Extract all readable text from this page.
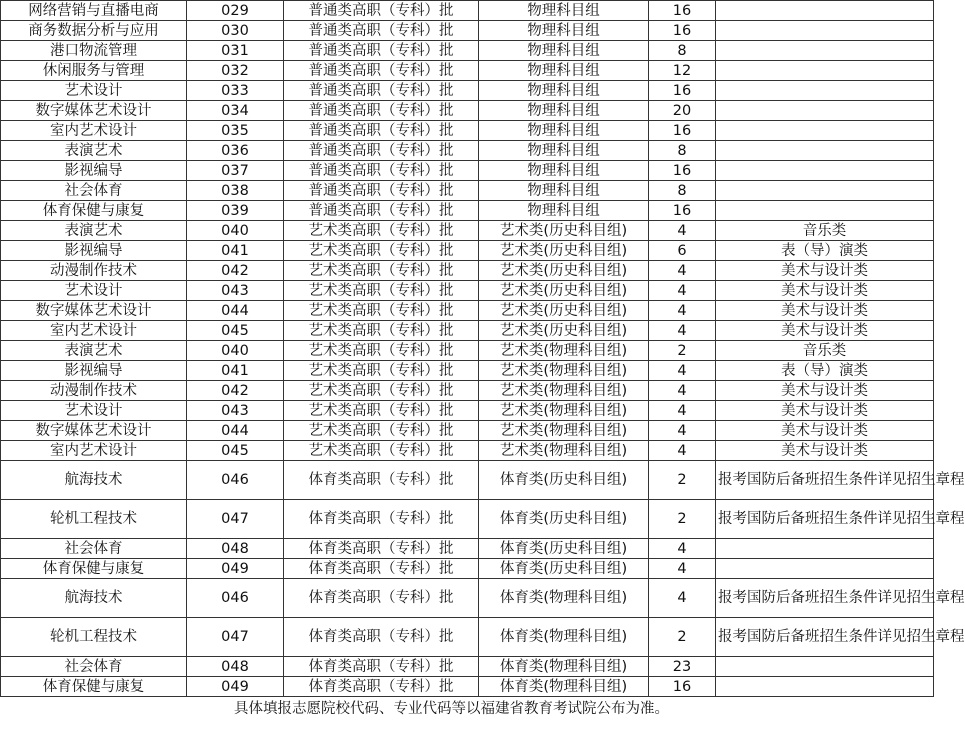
网络营销与直播电商	029	普通类高职（专科）批	物理科目组	16	
商务数据分析与应用	030	普通类高职（专科）批	物理科目组	16	
港口物流管理	031	普通类高职（专科）批	物理科目组	8	
休闲服务与管理	032	普通类高职（专科）批	物理科目组	12	
艺术设计	033	普通类高职（专科）批	物理科目组	16	
数字媒体艺术设计	034	普通类高职（专科）批	物理科目组	20	
室内艺术设计	035	普通类高职（专科）批	物理科目组	16	
表演艺术	036	普通类高职（专科）批	物理科目组	8	
影视编导	037	普通类高职（专科）批	物理科目组	16	
社会体育	038	普通类高职（专科）批	物理科目组	8	
体育保健与康复	039	普通类高职（专科）批	物理科目组	16	
表演艺术	040	艺术类高职（专科）批	艺术类(历史科目组)	4	音乐类
影视编导	041	艺术类高职（专科）批	艺术类(历史科目组)	6	表（导）演类
动漫制作技术	042	艺术类高职（专科）批	艺术类(历史科目组)	4	美术与设计类
艺术设计	043	艺术类高职（专科）批	艺术类(历史科目组)	4	美术与设计类
数字媒体艺术设计	044	艺术类高职（专科）批	艺术类(历史科目组)	4	美术与设计类
室内艺术设计	045	艺术类高职（专科）批	艺术类(历史科目组)	4	美术与设计类
表演艺术	040	艺术类高职（专科）批	艺术类(物理科目组)	2	音乐类
影视编导	041	艺术类高职（专科）批	艺术类(物理科目组)	4	表（导）演类
动漫制作技术	042	艺术类高职（专科）批	艺术类(物理科目组)	4	美术与设计类
艺术设计	043	艺术类高职（专科）批	艺术类(物理科目组)	4	美术与设计类
数字媒体艺术设计	044	艺术类高职（专科）批	艺术类(物理科目组)	4	美术与设计类
室内艺术设计	045	艺术类高职（专科）批	艺术类(物理科目组)	4	美术与设计类
航海技术	046	体育类高职（专科）批	体育类(历史科目组)	2	报考国防后备班招生条件详见招生章程
轮机工程技术	047	体育类高职（专科）批	体育类(历史科目组)	2	报考国防后备班招生条件详见招生章程
社会体育	048	体育类高职（专科）批	体育类(历史科目组)	4	
体育保健与康复	049	体育类高职（专科）批	体育类(历史科目组)	4	
航海技术	046	体育类高职（专科）批	体育类(物理科目组)	4	报考国防后备班招生条件详见招生章程
轮机工程技术	047	体育类高职（专科）批	体育类(物理科目组)	2	报考国防后备班招生条件详见招生章程
社会体育	048	体育类高职（专科）批	体育类(物理科目组)	23	
体育保健与康复	049	体育类高职（专科）批	体育类(物理科目组)	16	
具体填报志愿院校代码、专业代码等以福建省教育考试院公布为准。
